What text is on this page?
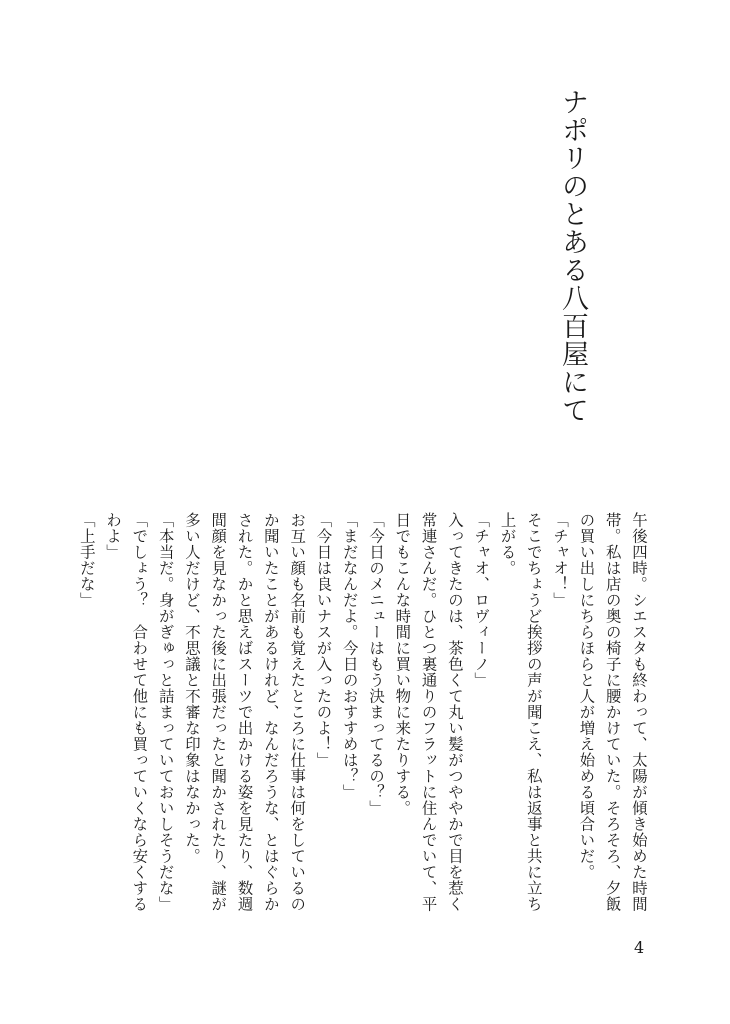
ナポリのとある八百屋にて

午後四時。シエスタも終わって、太陽が傾き始めた時間帯。私は店の奥の椅子に腰かけていた。そろそろ、夕飯の買い出しにちらほらと人が増え始める頃合いだ。

「チャオ！」

そこでちょうど挨拶の声が聞こえ、私は返事と共に立ち上がる。

「チャオ、ロヴィーノ」

入ってきたのは、茶色くて丸い髪がつややかで目を惹く常連さんだ。ひとつ裏通りのフラットに住んでいて、平日でもこんな時間に買い物に来たりする。

「今日のメニューはもう決まってるの？」

「まだなんだよ。今日のおすすめは？」

「今日は良いナスが入ったのよ！」

お互い顔も名前も覚えたところに仕事は何をしているのか聞いたことがあるけれど、なんだろうな、とはぐらかされた。かと思えばスーツで出かける姿を見たり、数週間顔を見なかった後に出張だったと聞かされたり、謎が多い人だけど、不思議と不審な印象はなかった。

「本当だ。身がぎゅっと詰まっていておいしそうだな」

「でしょう？　合わせて他にも買っていくなら安くするわよ」

「上手だな」

4
